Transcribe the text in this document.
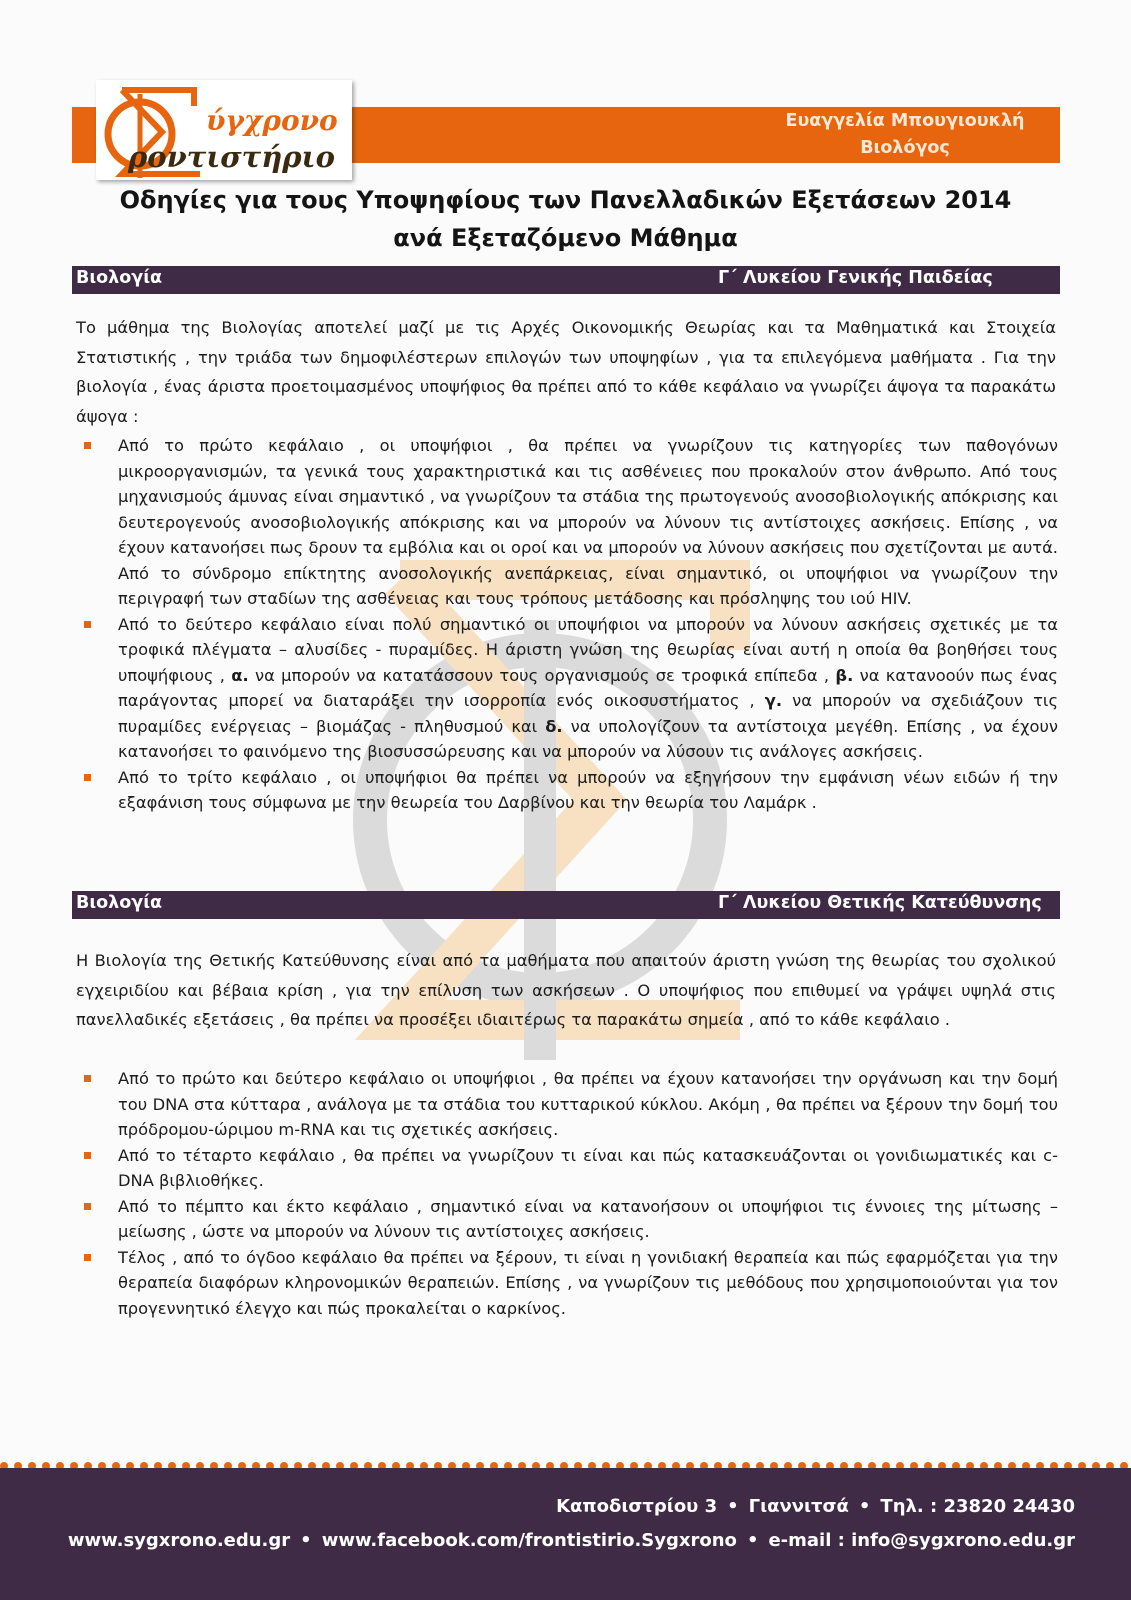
Ευαγγελία Μπουγιουκλή
Βιολόγος
ύγχρονο
ροντιστήριο
Οδηγίες για τους Υποψηφίους των Πανελλαδικών Εξετάσεων 2014
ανά Εξεταζόμενο Μάθημα
Βιολογία	Γ΄ Λυκείου Γενικής Παιδείας
Το μάθημα της Βιολογίας αποτελεί μαζί με τις Αρχές Οικονομικής Θεωρίας και τα Μαθηματικά και Στοιχεία Στατιστικής , την τριάδα των δημοφιλέστερων επιλογών των υποψηφίων , για τα επιλεγόμενα μαθήματα . Για την βιολογία , ένας άριστα προετοιμασμένος υποψήφιος θα πρέπει από το κάθε κεφάλαιο να γνωρίζει άψογα τα παρακάτω άψογα :
Από το πρώτο κεφάλαιο , οι υποψήφιοι , θα πρέπει να γνωρίζουν τις κατηγορίες των παθογόνων μικροοργανισμών, τα γενικά τους χαρακτηριστικά και τις ασθένειες που προκαλούν στον άνθρωπο. Από τους μηχανισμούς άμυνας είναι σημαντικό , να γνωρίζουν τα στάδια της πρωτογενούς ανοσοβιολογικής απόκρισης και δευτερογενούς ανοσοβιολογικής απόκρισης και να μπορούν να λύνουν τις αντίστοιχες ασκήσεις. Επίσης , να έχουν κατανοήσει πως δρουν τα εμβόλια και οι οροί και να μπορούν να λύνουν ασκήσεις που σχετίζονται με αυτά. Από το σύνδρομο επίκτητης ανοσολογικής ανεπάρκειας, είναι σημαντικό, οι υποψήφιοι να γνωρίζουν την περιγραφή των σταδίων της ασθένειας και τους τρόπους μετάδοσης και πρόσληψης του ιού HIV.
Από το δεύτερο κεφάλαιο είναι πολύ σημαντικό οι υποψήφιοι να μπορούν να λύνουν ασκήσεις σχετικές με τα τροφικά πλέγματα – αλυσίδες - πυραμίδες. Η άριστη γνώση της θεωρίας είναι αυτή η οποία θα βοηθήσει τους υποψήφιους , α. να μπορούν να κατατάσσουν τους οργανισμούς σε τροφικά επίπεδα , β. να κατανοούν πως ένας παράγοντας μπορεί να διαταράξει την ισορροπία ενός οικοσυστήματος , γ. να μπορούν να σχεδιάζουν τις πυραμίδες ενέργειας – βιομάζας - πληθυσμού και δ. να υπολογίζουν τα αντίστοιχα μεγέθη. Επίσης , να έχουν κατανοήσει το φαινόμενο της βιοσυσσώρευσης και να μπορούν να λύσουν τις ανάλογες ασκήσεις.
Από το τρίτο κεφάλαιο , οι υποψήφιοι θα πρέπει να μπορούν να εξηγήσουν την εμφάνιση νέων ειδών ή την εξαφάνιση τους σύμφωνα με την θεωρεία του Δαρβίνου και την θεωρία του Λαμάρκ .
Βιολογία	Γ΄ Λυκείου Θετικής Κατεύθυνσης
Η Βιολογία της Θετικής Κατεύθυνσης είναι από τα μαθήματα που απαιτούν άριστη γνώση της θεωρίας του σχολικού εγχειριδίου και βέβαια κρίση , για την επίλυση των ασκήσεων . Ο υποψήφιος που επιθυμεί να γράψει υψηλά στις πανελλαδικές εξετάσεις , θα πρέπει να προσέξει ιδιαιτέρως τα παρακάτω σημεία , από το κάθε κεφάλαιο .
Από το πρώτο και δεύτερο κεφάλαιο οι υποψήφιοι , θα πρέπει να έχουν κατανοήσει την οργάνωση και την δομή του DNA στα κύτταρα , ανάλογα με τα στάδια του κυτταρικού κύκλου. Ακόμη , θα πρέπει να ξέρουν την δομή του πρόδρομου-ώριμου m-RNA και τις σχετικές ασκήσεις.
Από το τέταρτο κεφάλαιο , θα πρέπει να γνωρίζουν τι είναι και πώς κατασκευάζονται οι γονιδιωματικές και c-DNA βιβλιοθήκες.
Από το πέμπτο και έκτο κεφάλαιο , σημαντικό είναι να κατανοήσουν οι υποψήφιοι τις έννοιες της μίτωσης – μείωσης , ώστε να μπορούν να λύνουν τις αντίστοιχες ασκήσεις.
Τέλος , από το όγδοο κεφάλαιο θα πρέπει να ξέρουν, τι είναι η γονιδιακή θεραπεία και πώς εφαρμόζεται για την θεραπεία διαφόρων κληρονομικών θεραπειών. Επίσης , να γνωρίζουν τις μεθόδους που χρησιμοποιούνται για τον προγεννητικό έλεγχο και πώς προκαλείται ο καρκίνος.
Καποδιστρίου 3 • Γιαννιτσά • Τηλ. : 23820 24430
www.sygxrono.edu.gr • www.facebook.com/frontistirio.Sygxrono • e-mail : info@sygxrono.edu.gr
